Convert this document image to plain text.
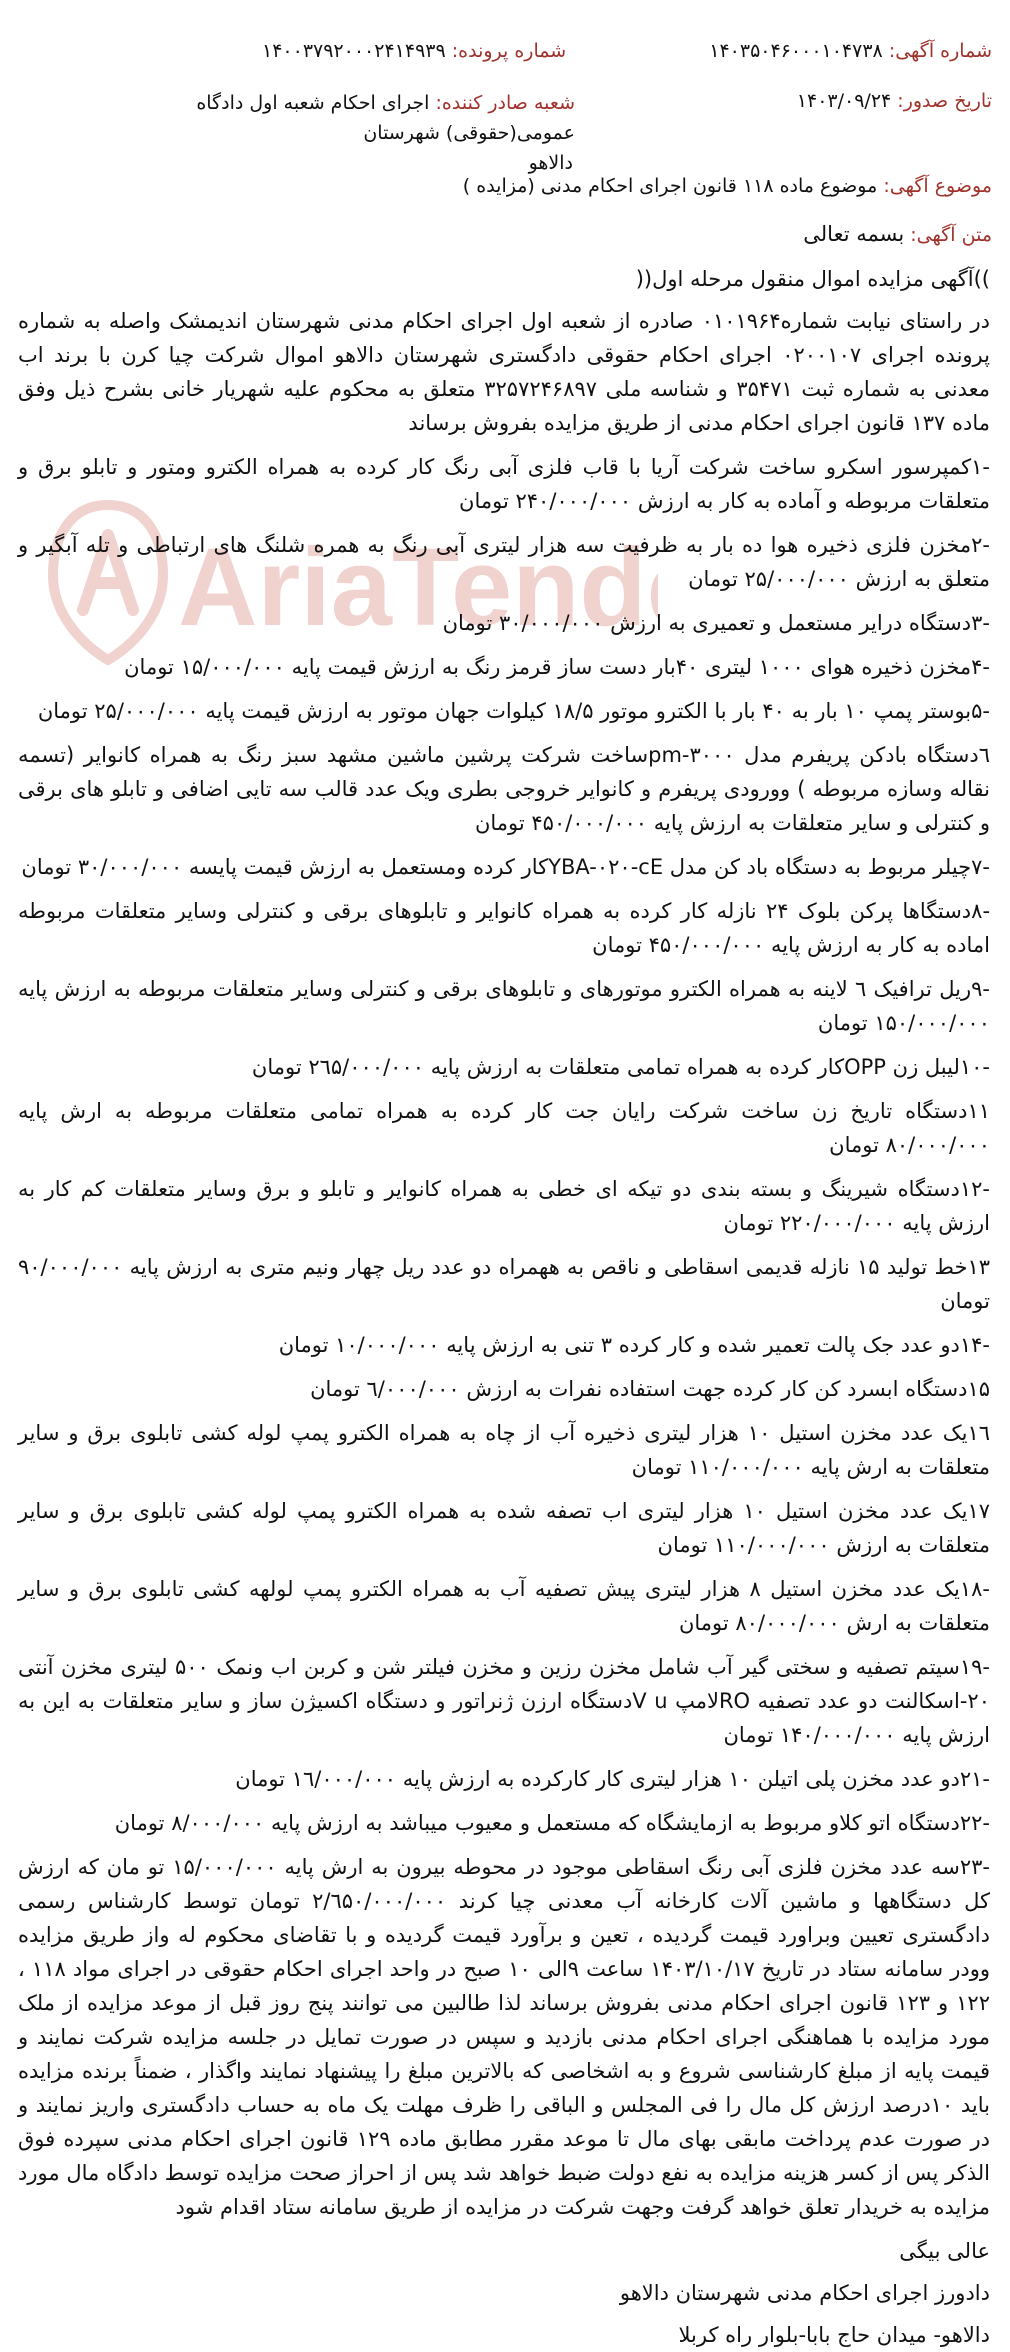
AriaTend
شماره آگهی: ۱۴۰۳۵۰۴۶۰۰۰۱۰۴۷۳۸
تاریخ صدور: ۱۴۰۳/۰۹/۲۴
شماره پرونده: ۱۴۰۰۳۷۹۲۰۰۰۲۴۱۴۹۳۹
شعبه صادر کننده: اجرای احکام شعبه اول دادگاه عمومی(حقوقی) شهرستان
دالاهو
موضوع آگهی: موضوع ماده ۱۱۸ قانون اجرای احکام مدنی (مزایده )
متن آگهی: بسمه تعالی

))آگهی مزایده اموال منقول مرحله اول((

در راستای نیابت شماره۰۱۰۱۹۶۴ صادره از شعبه اول اجرای احکام مدنی شهرستان اندیمشک واصله به شماره پرونده اجرای ۰۲۰۰۱۰۷ اجرای احکام حقوقی دادگستری شهرستان دالاهو اموال شرکت چیا کرن با برند اب معدنی به شماره ثبت ۳۵۴۷۱ و شناسه ملی ۳۲۵۷۲۴۶۸۹۷ متعلق به محکوم علیه شهریار خانی بشرح ذیل وفق ماده ۱۳۷ قانون اجرای احکام مدنی از طریق مزایده بفروش برساند

-۱کمپرسور اسکرو ساخت شرکت آریا با قاب فلزی آبی رنگ کار کرده به همراه الکترو ومتور و تابلو برق و متعلقات مربوطه و آماده به کار به ارزش ۲۴۰/۰۰۰/۰۰۰ تومان

-۲مخزن فلزی ذخیره هوا ده بار به ظرفیت سه هزار لیتری آبی رنگ به همره شلنگ های ارتباطی و تله آبگیر و متعلق به ارزش ۲۵/۰۰۰/۰۰۰ تومان

-۳دستگاه درایر مستعمل و تعمیری به ارزش ۳۰/۰۰۰/۰۰۰ تومان

-۴مخزن ذخیره هوای ۱۰۰۰ لیتری ۴۰بار دست ساز قرمز رنگ به ارزش قیمت پایه ۱۵/۰۰۰/۰۰۰ تومان

-۵بوستر پمپ ۱۰ بار به ۴۰ بار با الکترو موتور ۱۸/۵ کیلوات جهان موتور به ارزش قیمت پایه ۲۵/۰۰۰/۰۰۰ تومان

٦دستگاه بادکن پریفرم مدل pm-۳۰۰۰ساخت شرکت پرشین ماشین مشهد سبز رنگ به همراه کانوایر (تسمه نقاله وسازه مربوطه ) وورودی پریفرم و کانوایر خروجی بطری ویک عدد قالب سه تایی اضافی و تابلو های برقی و کنترلی و سایر متعلقات به ارزش پایه ۴۵۰/۰۰۰/۰۰۰ تومان

-۷چیلر مربوط به دستگاه باد کن مدل YBA-۰۲۰-cEکار کرده ومستعمل به ارزش قیمت پایسه ۳۰/۰۰۰/۰۰۰ تومان

-۸دستگاها پرکن بلوک ۲۴ نازله کار کرده به همراه کانوایر و تابلوهای برقی و کنترلی وسایر متعلقات مربوطه اماده به کار به ارزش پایه ۴۵۰/۰۰۰/۰۰۰ تومان

-۹ریل ترافیک ٦ لاینه به همراه الکترو موتورهای و تابلوهای برقی و کنترلی وسایر متعلقات مربوطه به ارزش پایه ۱۵۰/۰۰۰/۰۰۰ تومان

-۱۰لیبل زن OPPکار کرده به همراه تمامی متعلقات به ارزش پایه ۲٦۵/۰۰۰/۰۰۰ تومان

۱۱دستگاه تاریخ زن ساخت شرکت رایان جت کار کرده به همراه تمامی متعلقات مربوطه به ارش پایه ۸۰/۰۰۰/۰۰۰ تومان

-۱۲دستگاه شیرینگ و بسته بندی دو تیکه ای خطی به همراه کانوایر و تابلو و برق وسایر متعلقات کم کار به ارزش پایه ۲۲۰/۰۰۰/۰۰۰ تومان

۱۳خط تولید ۱۵ نازله قدیمی اسقاطی و ناقص به ههمراه دو عدد ریل چهار ونیم متری به ارزش پایه ۹۰/۰۰۰/۰۰۰ تومان

-۱۴دو عدد جک پالت تعمیر شده و کار کرده ۳ تنی به ارزش پایه ۱۰/۰۰۰/۰۰۰ تومان

۱۵دستگاه ابسرد کن کار کرده جهت استفاده نفرات به ارزش ٦/۰۰۰/۰۰۰ تومان

۱٦یک عدد مخزن استیل ۱۰ هزار لیتری ذخیره آب از چاه به همراه الکترو پمپ لوله کشی تابلوی برق و سایر متعلقات به ارش پایه ۱۱۰/۰۰۰/۰۰۰ تومان

۱۷یک عدد مخزن استیل ۱۰ هزار لیتری اب تصفه شده به همراه الکترو پمپ لوله کشی تابلوی برق و سایر متعلقات به ارزش ۱۱۰/۰۰۰/۰۰۰ تومان

-۱۸یک عدد مخزن استیل ۸ هزار لیتری پیش تصفیه آب به همراه الکترو پمپ لولهه کشی تابلوی برق و سایر متعلقات به ارش ۸۰/۰۰۰/۰۰۰ تومان

-۱۹سیتم تصفیه و سختی گیر آب شامل مخزن رزین و مخزن فیلتر شن و کربن اب ونمک ۵۰۰ لیتری مخزن آنتی ۲۰-اسکالنت دو عدد تصفیه ROلامپ V uدستگاه ارزن ژنراتور و دستگاه اکسیژن ساز و سایر متعلقات به این به ارزش پایه ۱۴۰/۰۰۰/۰۰۰ تومان

-۲۱دو عدد مخزن پلی اتیلن ۱۰ هزار لیتری کار کارکرده به ارزش پایه ۱٦/۰۰۰/۰۰۰ تومان

-۲۲دستگاه اتو کلاو مربوط به ازمایشگاه که مستعمل و معیوب میباشد به ارزش پایه ۸/۰۰۰/۰۰۰ تومان

-۲۳سه عدد مخزن فلزی آبی رنگ اسقاطی موجود در محوطه بیرون به ارش پایه ۱۵/۰۰۰/۰۰۰ تو مان که ارزش کل دستگاهها و ماشین آلات کارخانه آب معدنی چیا کرند ۲/٦۵۰/۰۰۰/۰۰۰ تومان توسط کارشناس رسمی دادگستری تعیین وبراورد قیمت گردیده ، تعین و برآورد قیمت گردیده و با تقاضای محکوم له واز طریق مزایده وودر سامانه ستاد در تاریخ ۱۴۰۳/۱۰/۱۷ ساعت ۹الی ۱۰ صبح در واحد اجرای احکام حقوقی در اجرای مواد ۱۱۸ ، ۱۲۲ و ۱۲۳ قانون اجرای احکام مدنی بفروش برساند لذا طالبین می توانند پنج روز قبل از موعد مزایده از ملک مورد مزایده با هماهنگی اجرای احکام مدنی بازدید و سپس در صورت تمایل در جلسه مزایده شرکت نمایند و قیمت پایه از مبلغ کارشناسی شروع و به اشخاصی که بالاترین مبلغ را پیشنهاد نمایند واگذار ، ضمناً برنده مزایده باید ۱۰درصد ارزش کل مال را فی المجلس و الباقی را ظرف مهلت یک ماه به حساب دادگستری واریز نمایند و در صورت عدم پرداخت مابقی بهای مال تا موعد مقرر مطابق ماده ۱۲۹ قانون اجرای احکام مدنی سپرده فوق الذکر پس از کسر هزینه مزایده به نفع دولت ضبط خواهد شد پس از احراز صحت مزایده توسط دادگاه مال مورد مزایده به خریدار تعلق خواهد گرفت وجهت شرکت در مزایده از طریق سامانه ستاد اقدام شود

عالی بیگی

دادورز اجرای احکام مدنی شهرستان دالاهو

دالاهو- میدان حاج بابا-بلوار راه کربلا
